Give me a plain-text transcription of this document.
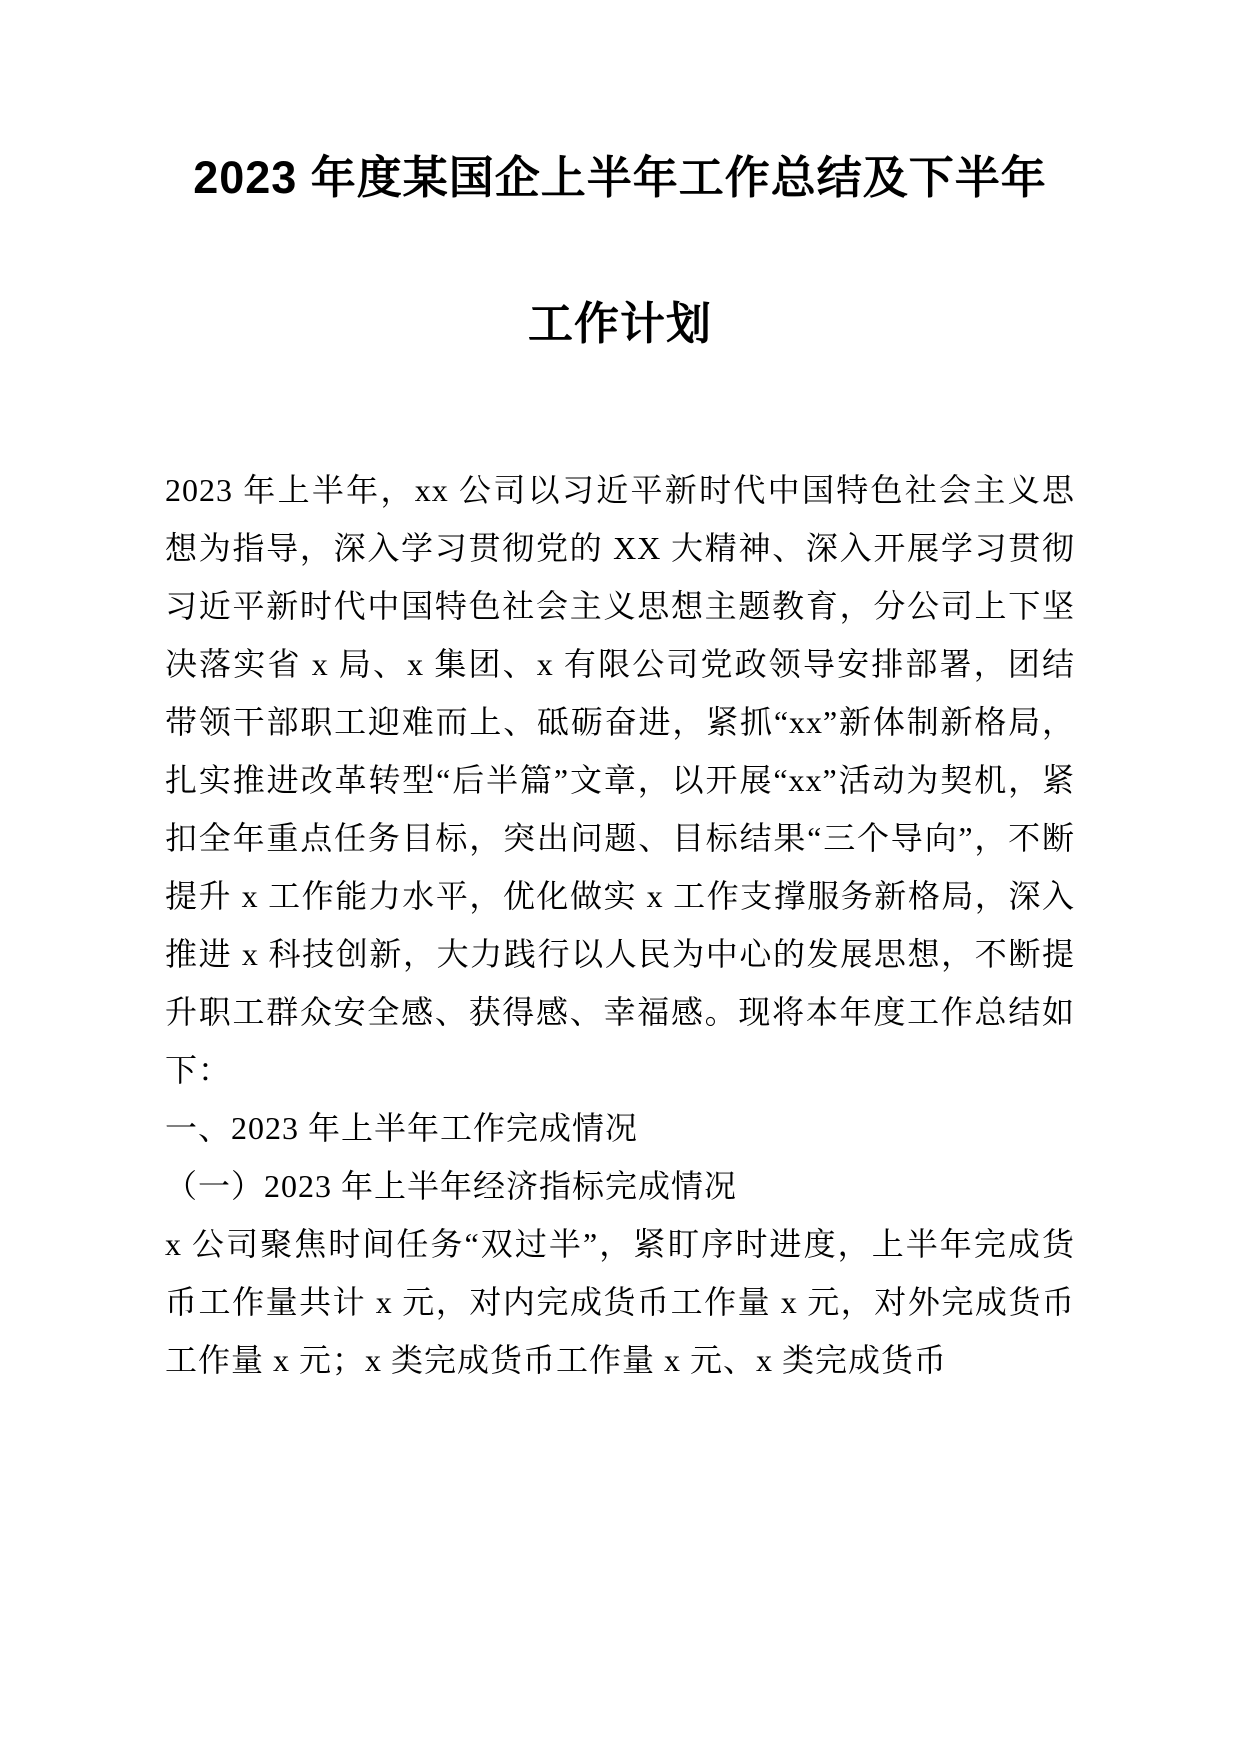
2023 年度某国企上半年工作总结及下半年
工作计划

2023 年上半年，xx 公司以习近平新时代中国特色社会主义思想为指导，深入学习贯彻党的 XX 大精神、深入开展学习贯彻习近平新时代中国特色社会主义思想主题教育，分公司上下坚决落实省 x 局、x 集团、x 有限公司党政领导安排部署，团结带领干部职工迎难而上、砥砺奋进，紧抓“xx”新体制新格局，扎实推进改革转型“后半篇”文章，以开展“xx”活动为契机，紧扣全年重点任务目标，突出问题、目标结果“三个导向”，不断提升 x 工作能力水平，优化做实 x 工作支撑服务新格局，深入推进 x 科技创新，大力践行以人民为中心的发展思想，不断提升职工群众安全感、获得感、幸福感。现将本年度工作总结如下：

一、2023 年上半年工作完成情况

（一）2023 年上半年经济指标完成情况

x 公司聚焦时间任务“双过半”，紧盯序时进度，上半年完成货币工作量共计 x 元，对内完成货币工作量 x 元，对外完成货币工作量 x 元；x 类完成货币工作量 x 元、x 类完成货币
